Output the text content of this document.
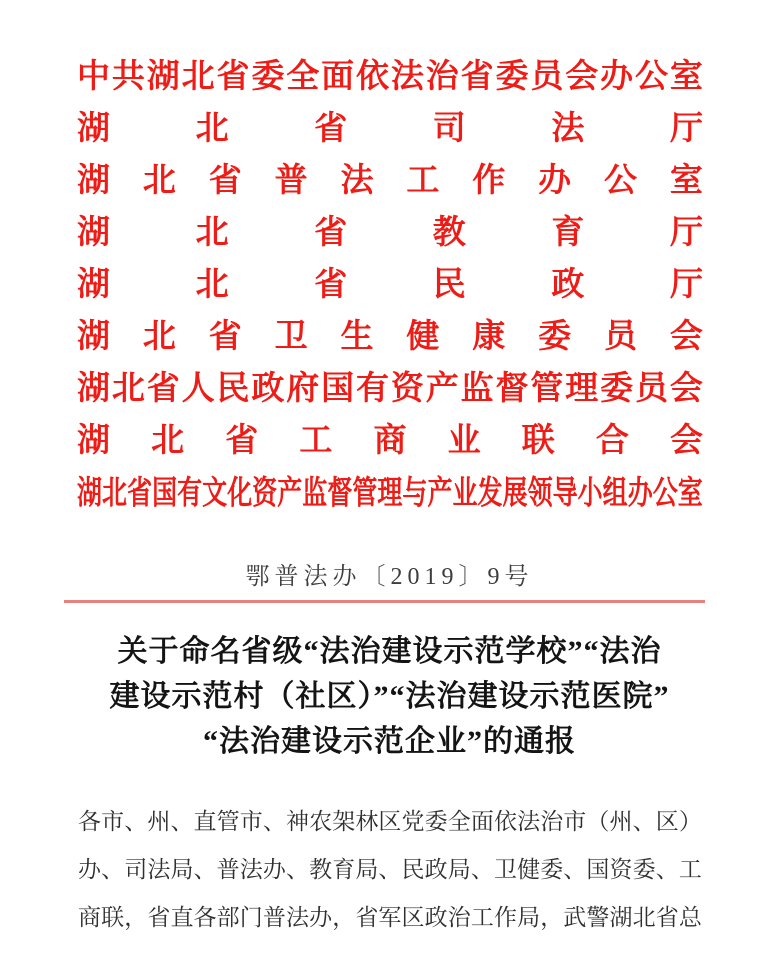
中 共 湖 北 省 委 全 面 依 法 治 省 委 员 会 办 公 室
湖	北	省	司	法	厅
湖 北 省 普 法 工 作 办 公 室
湖	北	省	教	育	厅
湖	北	省	民	政	厅
湖 北 省 卫 生 健 康 委 员 会
湖 北 省 人 民 政 府 国 有 资 产 监 督 管 理 委 员 会
湖 北 省 工 商 业 联 合 会
湖 北 省 国 有 文 化 资 产 监 督 管 理 与 产 业 发 展 领 导 小 组 办 公 室
鄂普法办〔2019〕9号
关于命名省级“法治建设示范学校”“法治
建设示范村（社区）”“法治建设示范医院”
“法治建设示范企业”的通报
各 市 、 州 、 直 管 市 、 神 农 架 林 区 党 委 全 面 依 法 治 市 （ 州 、 区 ）
办 、 司 法 局 、 普 法 办 、 教 育 局 、 民 政 局 、 卫 健 委 、 国 资 委 、 工
商 联 ， 省 直 各 部 门 普 法 办 ， 省 军 区 政 治 工 作 局 ， 武 警 湖 北 省 总
